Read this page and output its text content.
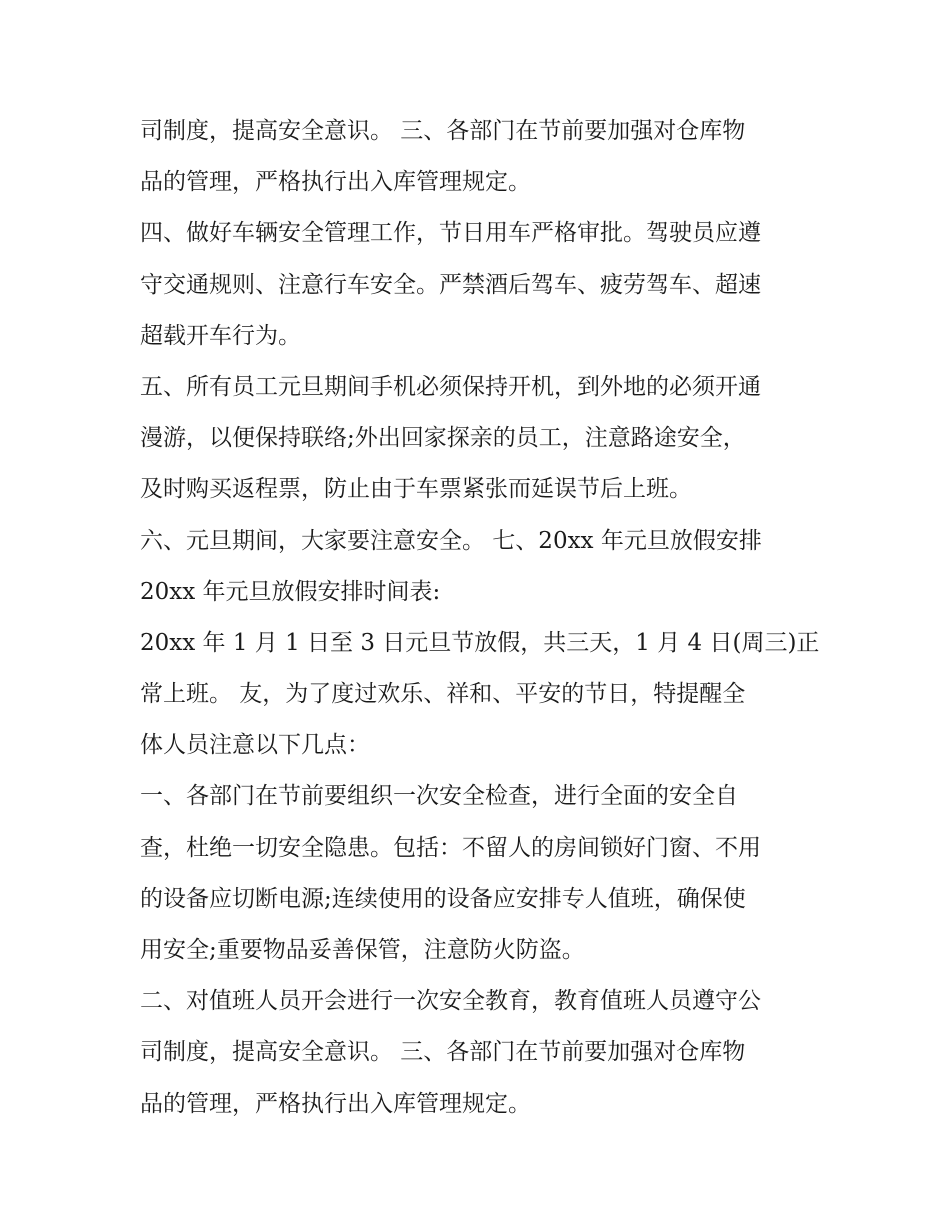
司制度，提高安全意识。 三、各部门在节前要加强对仓库物
品的管理，严格执行出入库管理规定。
四、做好车辆安全管理工作，节日用车严格审批。驾驶员应遵
守交通规则、注意行车安全。严禁酒后驾车、疲劳驾车、超速
超载开车行为。
五、所有员工元旦期间手机必须保持开机，到外地的必须开通
漫游，以便保持联络;外出回家探亲的员工，注意路途安全，
及时购买返程票，防止由于车票紧张而延误节后上班。
六、元旦期间，大家要注意安全。 七、20xx 年元旦放假安排
20xx 年元旦放假安排时间表:
20xx 年 1 月 1 日至 3 日元旦节放假，共三天，1 月 4 日(周三)正
常上班。 友，为了度过欢乐、祥和、平安的节日，特提醒全
体人员注意以下几点：
一、各部门在节前要组织一次安全检查，进行全面的安全自
查，杜绝一切安全隐患。包括：不留人的房间锁好门窗、不用
的设备应切断电源;连续使用的设备应安排专人值班，确保使
用安全;重要物品妥善保管，注意防火防盗。
二、对值班人员开会进行一次安全教育，教育值班人员遵守公
司制度，提高安全意识。 三、各部门在节前要加强对仓库物
品的管理，严格执行出入库管理规定。
